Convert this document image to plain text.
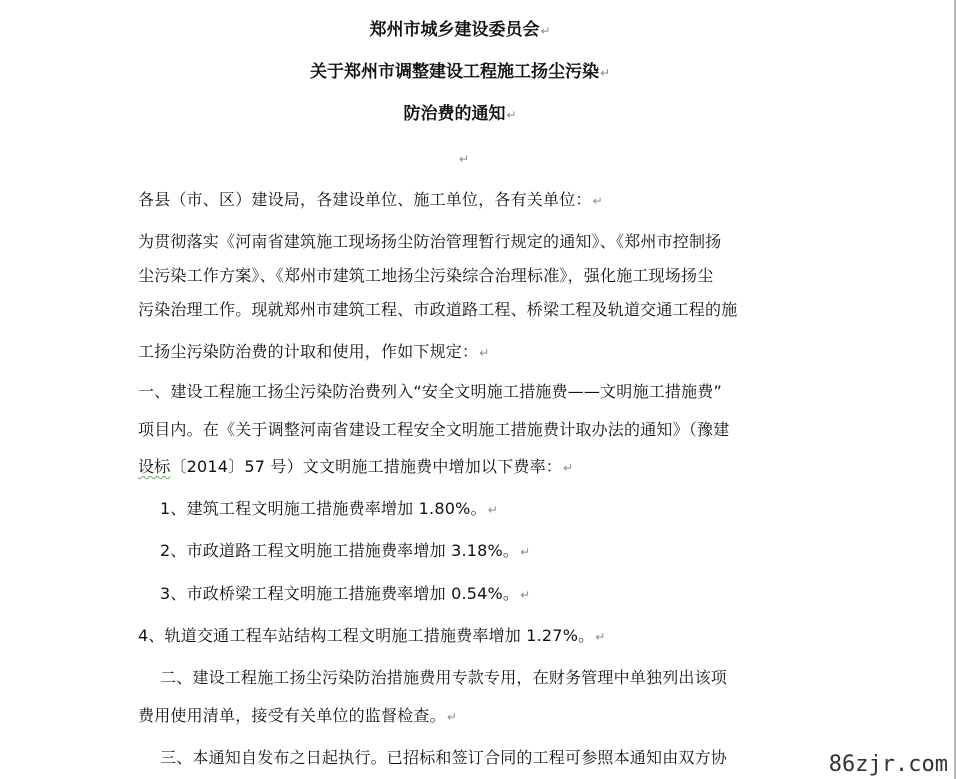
郑州市城乡建设委员会↵
关于郑州市调整建设工程施工扬尘污染↵
防治费的通知↵
↵
各县（市、区）建设局，各建设单位、施工单位，各有关单位：↵
为贯彻落实《河南省建筑施工现场扬尘防治管理暂行规定的通知》、《郑州市控制扬
尘污染工作方案》、《郑州市建筑工地扬尘污染综合治理标准》，强化施工现场扬尘
污染治理工作。现就郑州市建筑工程、市政道路工程、桥梁工程及轨道交通工程的施
工扬尘污染防治费的计取和使用，作如下规定：↵
一、建设工程施工扬尘污染防治费列入“安全文明施工措施费——文明施工措施费”
项目内。在《关于调整河南省建设工程安全文明施工措施费计取办法的通知》（豫建
设标〔2014〕57 号）文文明施工措施费中增加以下费率：↵
1、建筑工程文明施工措施费率增加 1.80%。↵
2、市政道路工程文明施工措施费率增加 3.18%。↵
3、市政桥梁工程文明施工措施费率增加 0.54%。↵
4、轨道交通工程车站结构工程文明施工措施费率增加 1.27%。↵
二、建设工程施工扬尘污染防治措施费用专款专用，在财务管理中单独列出该项
费用使用清单，接受有关单位的监督检查。↵
三、本通知自发布之日起执行。已招标和签订合同的工程可参照本通知由双方协	86zjr.com
